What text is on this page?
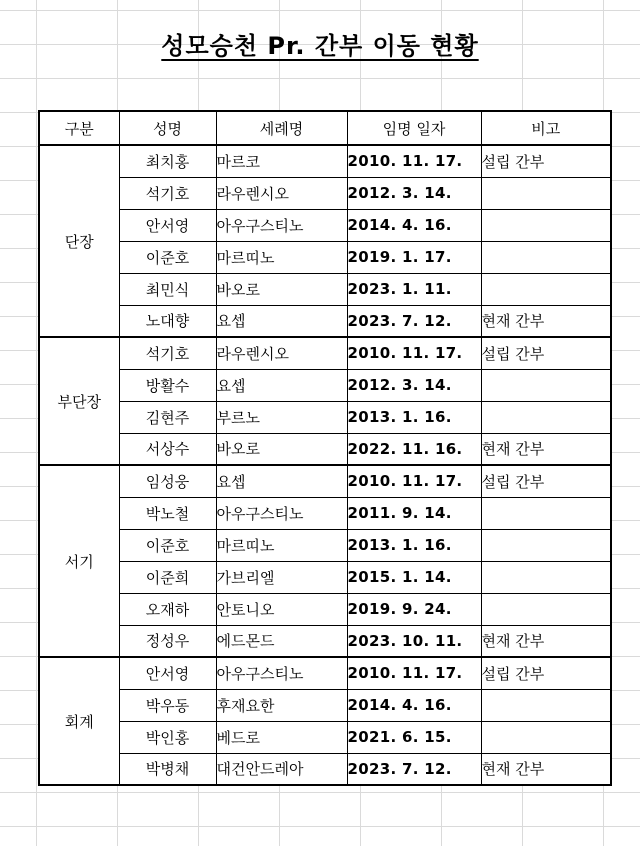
성모승천 Pr. 간부 이동 현황
구분	성명	세례명	임명 일자	비고
단장	최치홍	마르코	2010. 11. 17.	설립 간부
	석기호	라우렌시오	2012. 3. 14.	
	안서영	아우구스티노	2014. 4. 16.	
	이준호	마르띠노	2019. 1. 17.	
	최민식	바오로	2023. 1. 11.	
	노대향	요셉	2023. 7. 12.	현재 간부
부단장	석기호	라우렌시오	2010. 11. 17.	설립 간부
	방활수	요셉	2012. 3. 14.	
	김현주	부르노	2013. 1. 16.	
	서상수	바오로	2022. 11. 16.	현재 간부
서기	임성웅	요셉	2010. 11. 17.	설립 간부
	박노철	아우구스티노	2011. 9. 14.	
	이준호	마르띠노	2013. 1. 16.	
	이준희	가브리엘	2015. 1. 14.	
	오재하	안토니오	2019. 9. 24.	
	정성우	에드몬드	2023. 10. 11.	현재 간부
회계	안서영	아우구스티노	2010. 11. 17.	설립 간부
	박우동	후재요한	2014. 4. 16.	
	박인홍	베드로	2021. 6. 15.	
	박병채	대건안드레아	2023. 7. 12.	현재 간부
